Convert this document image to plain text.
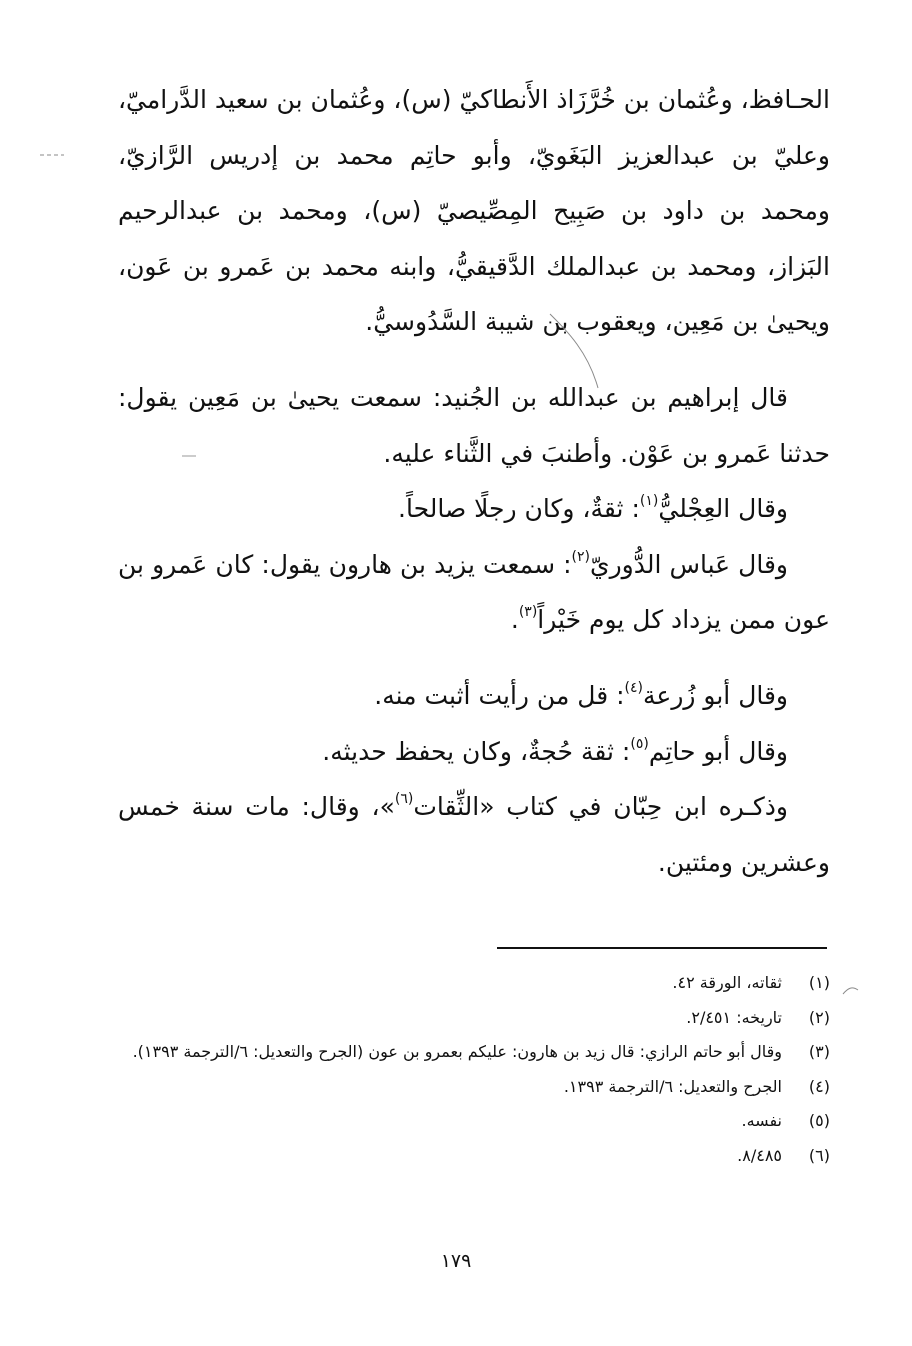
الحـافظ، وعُثمان بن خُرَّزَاذ الأَنطاكيّ (س)، وعُثمان بن سعيد الدَّراميّ، وعليّ بن عبدالعزيز البَغَويّ، وأبو حاتِم محمد بن إدريس الرَّازيّ، ومحمد بن داود بن صَبِيح المِصِّيصيّ (س)، ومحمد بن عبدالرحيم البَزاز، ومحمد بن عبدالملك الدَّقيقيُّ، وابنه محمد بن عَمرو بن عَون، ويحيىٰ بن مَعِين، ويعقوب بن شيبة السَّدُوسيُّ.

قال إبراهيم بن عبدالله بن الجُنيد: سمعت يحيىٰ بن مَعِين يقول: حدثنا عَمرو بن عَوْن. وأطنبَ في الثَّناء عليه.

وقال العِجْليُّ$^{(١)}$: ثقةٌ، وكان رجلًا صالحاً.

وقال عَباس الدُّوريّ$^{(٢)}$: سمعت يزيد بن هارون يقول: كان عَمرو بن عون ممن يزداد كل يوم خَيْراً$^{(٣)}$.

وقال أبو زُرعة$^{(٤)}$: قل من رأيت أثبت منه.

وقال أبو حاتِم$^{(٥)}$: ثقة حُجةٌ، وكان يحفظ حديثه.

وذكـره ابن حِبّان في كتاب «الثِّقات$^{(٦)}$»، وقال: مات سنة خمس وعشرين ومئتين.

(١)
ثقاته، الورقة ٤٢.
(٢)
تاريخه: ٢/٤٥١.
(٣)
وقال أبو حاتم الرازي: قال زيد بن هارون: عليكم بعمرو بن عون (الجرح والتعديل: ٦/الترجمة ١٣٩٣).
(٤)
الجرح والتعديل: ٦/الترجمة ١٣٩٣.
(٥)
نفسه.
(٦)
٨/٤٨٥.
١٧٩
